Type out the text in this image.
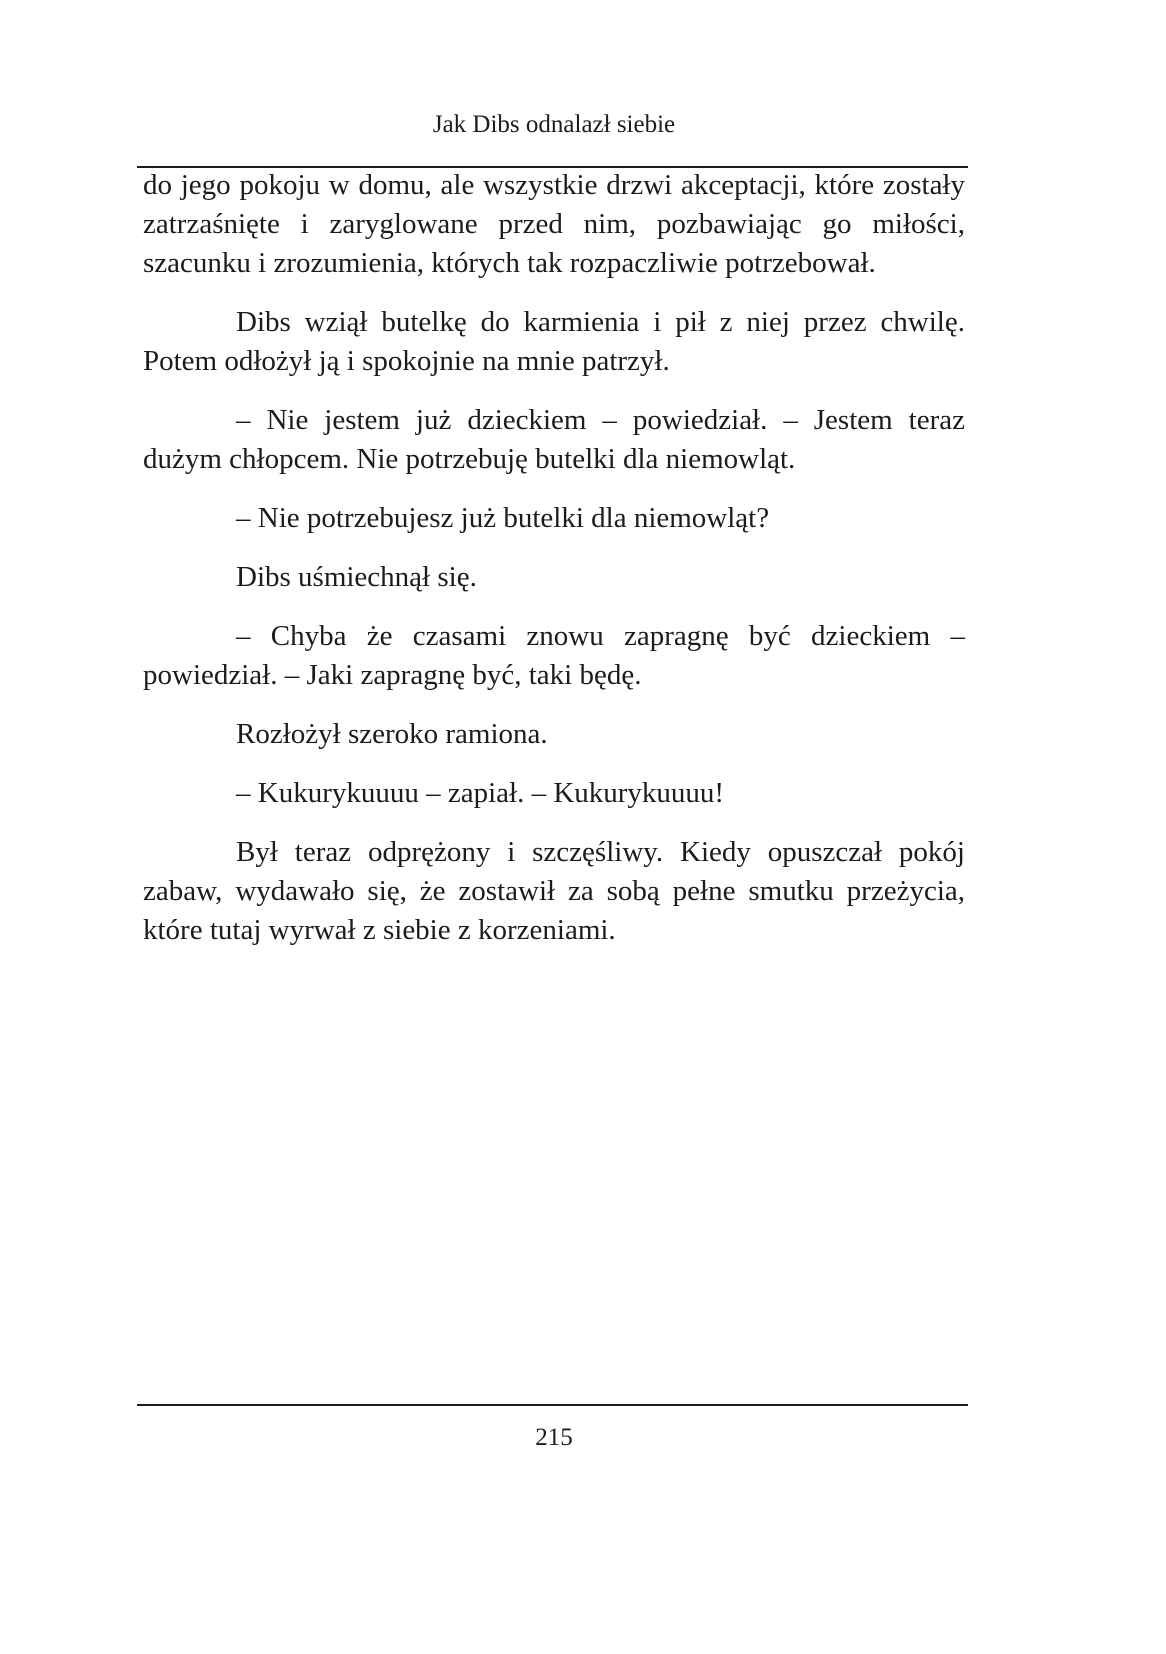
Jak Dibs odnalazł siebie
do jego pokoju w domu, ale wszystkie drzwi akceptacji, które zostały
zatrzaśnięte i zaryglowane przed nim, pozbawiając go miłości,
szacunku i zrozumienia, których tak rozpaczliwie potrzebował.
Dibs wziął butelkę do karmienia i pił z niej przez chwilę.
Potem odłożył ją i spokojnie na mnie patrzył.
– Nie jestem już dzieckiem – powiedział. – Jestem teraz
dużym chłopcem. Nie potrzebuję butelki dla niemowląt.
– Nie potrzebujesz już butelki dla niemowląt?
Dibs uśmiechnął się.
– Chyba że czasami znowu zapragnę być dzieckiem –
powiedział. – Jaki zapragnę być, taki będę.
Rozłożył szeroko ramiona.
– Kukurykuuuu – zapiał. – Kukurykuuuu!
Był teraz odprężony i szczęśliwy. Kiedy opuszczał pokój
zabaw, wydawało się, że zostawił za sobą pełne smutku przeżycia,
które tutaj wyrwał z siebie z korzeniami.
215
